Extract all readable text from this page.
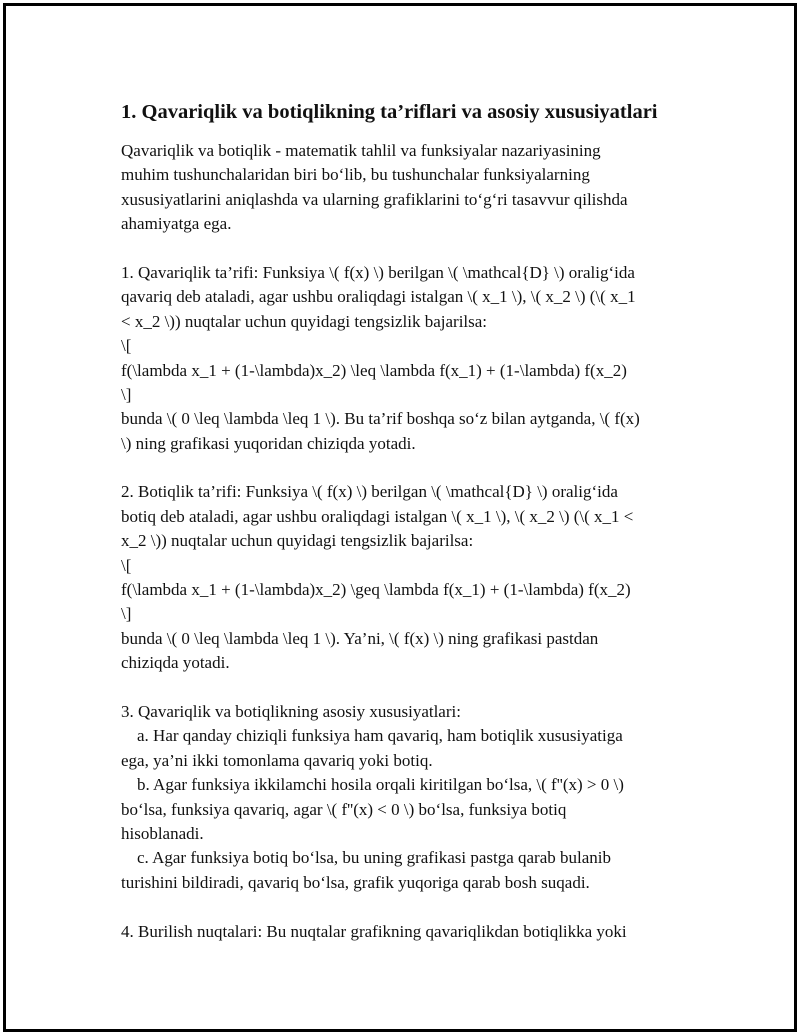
1. Qavariqlik va botiqlikning ta’riflari va asosiy xususiyatlari
Qavariqlik va botiqlik - matematik tahlil va funksiyalar nazariyasining
muhim tushunchalaridan biri bo‘lib, bu tushunchalar funksiyalarning
xususiyatlarini aniqlashda va ularning grafiklarini to‘g‘ri tasavvur qilishda
ahamiyatga ega.
1. Qavariqlik ta’rifi: Funksiya \( f(x) \) berilgan \( \mathcal{D} \) oralig‘ida
qavariq deb ataladi, agar ushbu oraliqdagi istalgan \( x_1 \), \( x_2 \) (\( x_1
< x_2 \)) nuqtalar uchun quyidagi tengsizlik bajarilsa:
\[
f(\lambda x_1 + (1-\lambda)x_2) \leq \lambda f(x_1) + (1-\lambda) f(x_2)
\]
bunda \( 0 \leq \lambda \leq 1 \). Bu ta’rif boshqa so‘z bilan aytganda, \( f(x)
\) ning grafikasi yuqoridan chiziqda yotadi.
2. Botiqlik ta’rifi: Funksiya \( f(x) \) berilgan \( \mathcal{D} \) oralig‘ida
botiq deb ataladi, agar ushbu oraliqdagi istalgan \( x_1 \), \( x_2 \) (\( x_1 <
x_2 \)) nuqtalar uchun quyidagi tengsizlik bajarilsa:
\[
f(\lambda x_1 + (1-\lambda)x_2) \geq \lambda f(x_1) + (1-\lambda) f(x_2)
\]
bunda \( 0 \leq \lambda \leq 1 \). Ya’ni, \( f(x) \) ning grafikasi pastdan
chiziqda yotadi.
3. Qavariqlik va botiqlikning asosiy xususiyatlari:
a. Har qanday chiziqli funksiya ham qavariq, ham botiqlik xususiyatiga
ega, ya’ni ikki tomonlama qavariq yoki botiq.
b. Agar funksiya ikkilamchi hosila orqali kiritilgan bo‘lsa, \( f''(x) > 0 \)
bo‘lsa, funksiya qavariq, agar \( f''(x) < 0 \) bo‘lsa, funksiya botiq
hisoblanadi.
c. Agar funksiya botiq bo‘lsa, bu uning grafikasi pastga qarab bulanib
turishini bildiradi, qavariq bo‘lsa, grafik yuqoriga qarab bosh suqadi.
4. Burilish nuqtalari: Bu nuqtalar grafikning qavariqlikdan botiqlikka yoki
